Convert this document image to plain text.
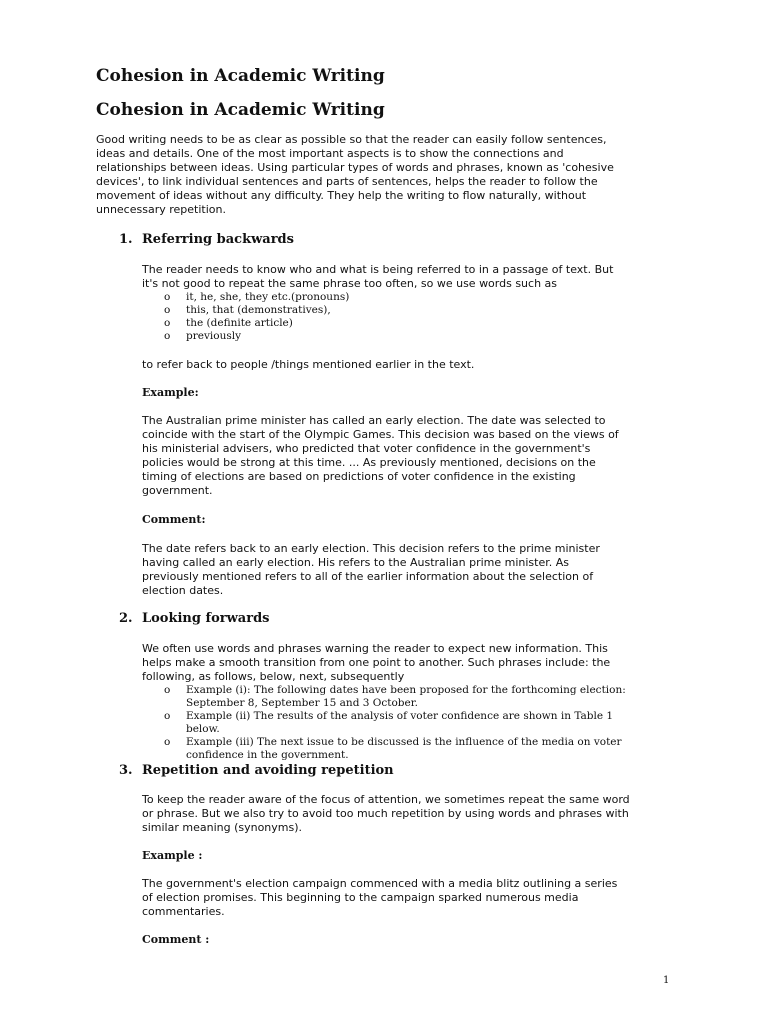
Cohesion in Academic Writing
Cohesion in Academic Writing
Good writing needs to be as clear as possible so that the reader can easily follow sentences,
ideas and details. One of the most important aspects is to show the connections and
relationships between ideas. Using particular types of words and phrases, known as 'cohesive
devices', to link individual sentences and parts of sentences, helps the reader to follow the
movement of ideas without any difficulty. They help the writing to flow naturally, without
unnecessary repetition.
1. Referring backwards
The reader needs to know who and what is being referred to in a passage of text. But
it's not good to repeat the same phrase too often, so we use words such as
o it, he, she, they etc.(pronouns)
o this, that (demonstratives),
o the (definite article)
o previously
to refer back to people /things mentioned earlier in the text.
Example:
The Australian prime minister has called an early election. The date was selected to
coincide with the start of the Olympic Games. This decision was based on the views of
his ministerial advisers, who predicted that voter confidence in the government's
policies would be strong at this time. ... As previously mentioned, decisions on the
timing of elections are based on predictions of voter confidence in the existing
government.
Comment:
The date refers back to an early election. This decision refers to the prime minister
having called an early election. His refers to the Australian prime minister. As
previously mentioned refers to all of the earlier information about the selection of
election dates.
2. Looking forwards
We often use words and phrases warning the reader to expect new information. This
helps make a smooth transition from one point to another. Such phrases include: the
following, as follows, below, next, subsequently
o Example (i): The following dates have been proposed for the forthcoming election:
September 8, September 15 and 3 October.
o Example (ii) The results of the analysis of voter confidence are shown in Table 1
below.
o Example (iii) The next issue to be discussed is the influence of the media on voter
confidence in the government.
3. Repetition and avoiding repetition
To keep the reader aware of the focus of attention, we sometimes repeat the same word
or phrase. But we also try to avoid too much repetition by using words and phrases with
similar meaning (synonyms).
Example :
The government's election campaign commenced with a media blitz outlining a series
of election promises. This beginning to the campaign sparked numerous media
commentaries.
Comment :
1
